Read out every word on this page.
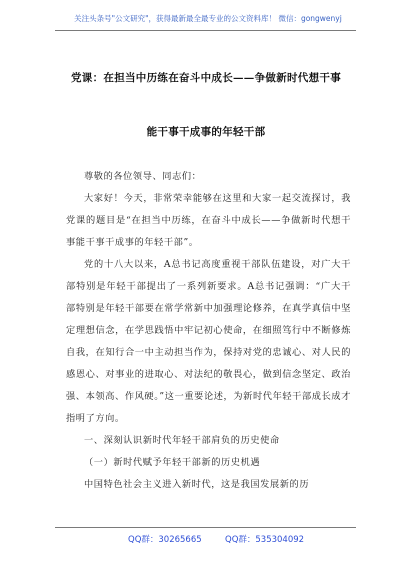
关注头条号"公文研究"，获得最新最全最专业的公文资料库！ 微信：gongwenyj
党课：在担当中历练在奋斗中成长——争做新时代想干事
能干事干成事的年轻干部

尊敬的各位领导、同志们：

大家好！今天，非常荣幸能够在这里和大家一起交流探讨，我党课的题目是“在担当中历练，在奋斗中成长——争做新时代想干事能干事干成事的年轻干部”。

党的十八大以来，A总书记高度重视干部队伍建设，对广大干部特别是年轻干部提出了一系列新要求。A总书记强调：“广大干部特别是年轻干部要在常学常新中加强理论修养，在真学真信中坚定理想信念，在学思践悟中牢记初心使命，在细照笃行中不断修炼自我，在知行合一中主动担当作为，保持对党的忠诚心、对人民的感恩心、对事业的进取心、对法纪的敬畏心，做到信念坚定、政治强、本领高、作风硬。”这一重要论述，为新时代年轻干部成长成才指明了方向。

一、深刻认识新时代年轻干部肩负的历史使命

（一）新时代赋予年轻干部新的历史机遇

中国特色社会主义进入新时代，这是我国发展新的历

QQ群：30265665	QQ群：535304092
